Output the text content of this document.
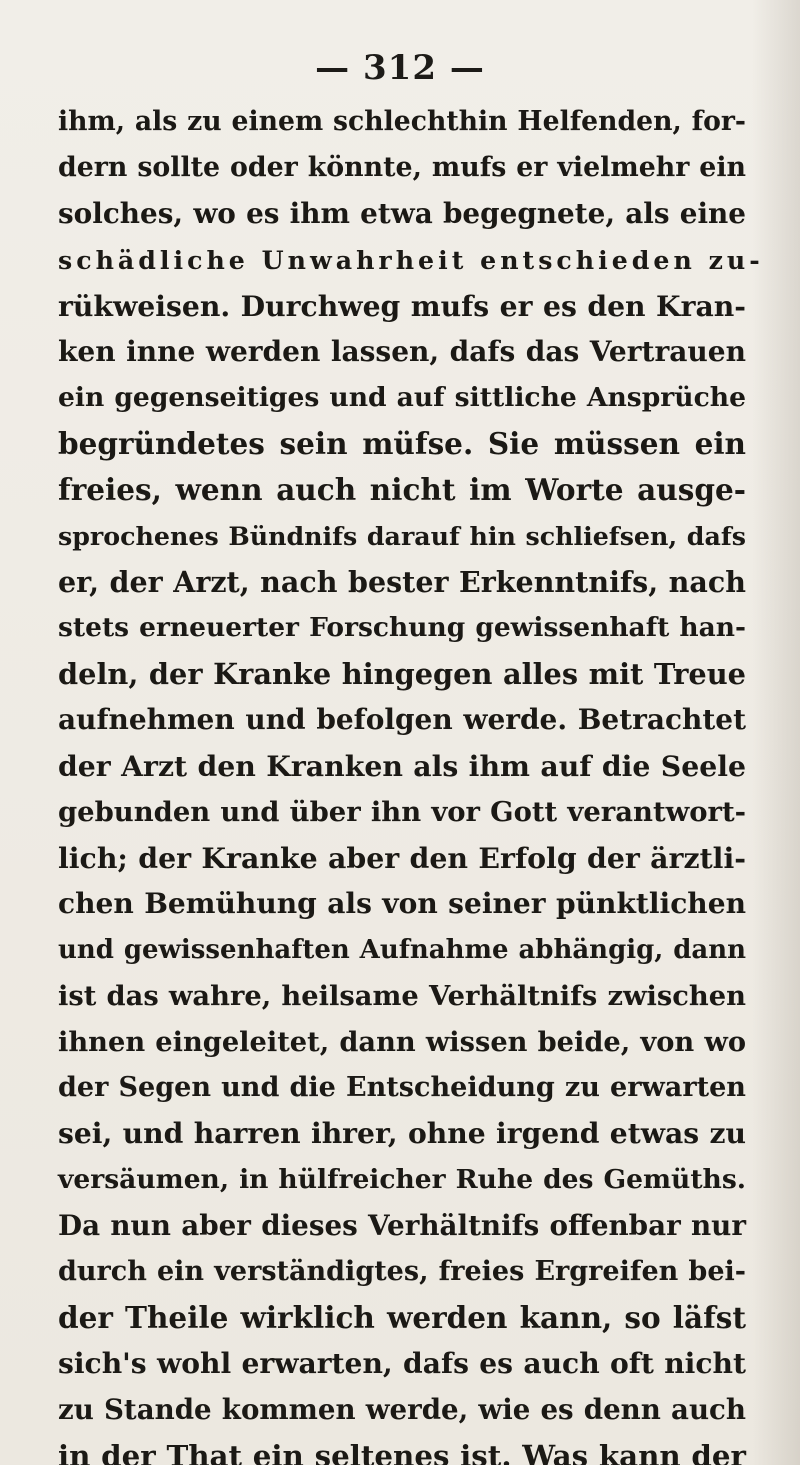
— 312 —
ihm, als zu einem schlechthin Helfenden, for-
dern sollte oder könnte, mufs er vielmehr ein
solches, wo es ihm etwa begegnete, als eine
schädliche Unwahrheit entschieden zu-
rükweisen. Durchweg mufs er es den Kran-
ken inne werden lassen, dafs das Vertrauen
ein gegenseitiges und auf sittliche Ansprüche
begründetes sein müfse. Sie müssen ein
freies, wenn auch nicht im Worte ausge-
sprochenes Bündnifs darauf hin schliefsen, dafs
er, der Arzt, nach bester Erkenntnifs, nach
stets erneuerter Forschung gewissenhaft han-
deln, der Kranke hingegen alles mit Treue
aufnehmen und befolgen werde. Betrachtet
der Arzt den Kranken als ihm auf die Seele
gebunden und über ihn vor Gott verantwort-
lich; der Kranke aber den Erfolg der ärztli-
chen Bemühung als von seiner pünktlichen
und gewissenhaften Aufnahme abhängig, dann
ist das wahre, heilsame Verhältnifs zwischen
ihnen eingeleitet, dann wissen beide, von wo
der Segen und die Entscheidung zu erwarten
sei, und harren ihrer, ohne irgend etwas zu
versäumen, in hülfreicher Ruhe des Gemüths.
Da nun aber dieses Verhältnifs offenbar nur
durch ein verständigtes, freies Ergreifen bei-
der Theile wirklich werden kann, so läfst
sich's wohl erwarten, dafs es auch oft nicht
zu Stande kommen werde, wie es denn auch
in der That ein seltenes ist. Was kann der
